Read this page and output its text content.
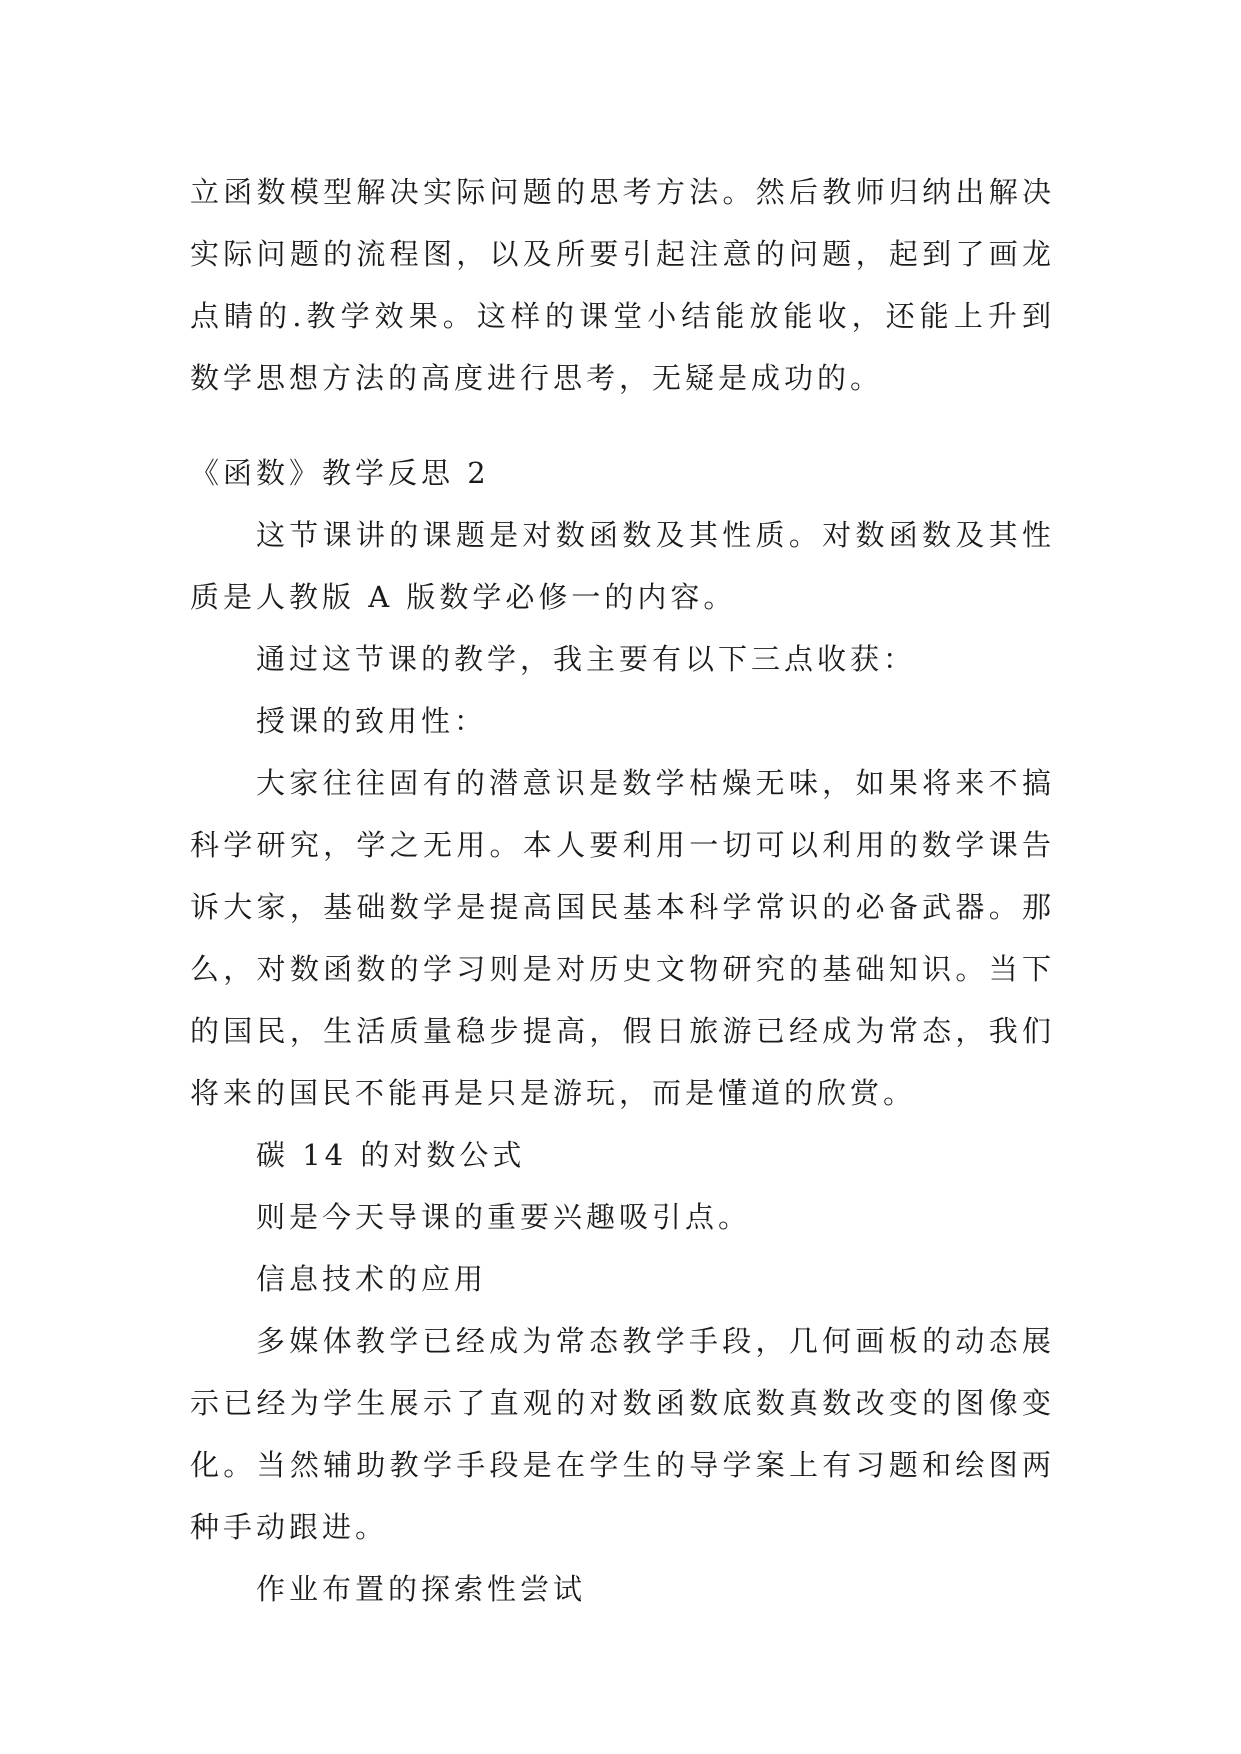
立函数模型解决实际问题的思考方法。然后教师归纳出解决实际问题的流程图，以及所要引起注意的问题，起到了画龙点睛的.教学效果。这样的课堂小结能放能收，还能上升到数学思想方法的高度进行思考，无疑是成功的。

《函数》教学反思 2

这节课讲的课题是对数函数及其性质。对数函数及其性质是人教版 A 版数学必修一的内容。

通过这节课的教学，我主要有以下三点收获：

授课的致用性：

大家往往固有的潜意识是数学枯燥无味，如果将来不搞科学研究，学之无用。本人要利用一切可以利用的数学课告诉大家，基础数学是提高国民基本科学常识的必备武器。那么，对数函数的学习则是对历史文物研究的基础知识。当下的国民，生活质量稳步提高，假日旅游已经成为常态，我们将来的国民不能再是只是游玩，而是懂道的欣赏。

碳 14 的对数公式

则是今天导课的重要兴趣吸引点。

信息技术的应用

多媒体教学已经成为常态教学手段，几何画板的动态展示已经为学生展示了直观的对数函数底数真数改变的图像变化。当然辅助教学手段是在学生的导学案上有习题和绘图两种手动跟进。

作业布置的探索性尝试
